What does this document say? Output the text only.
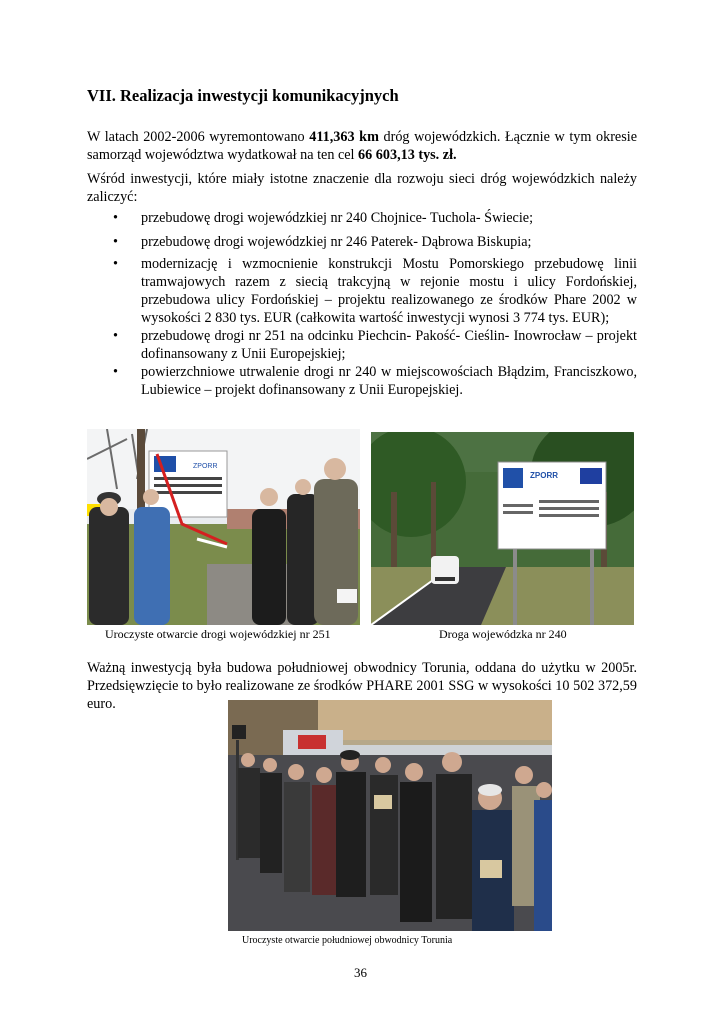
VII. Realizacja inwestycji komunikacyjnych
W latach 2002-2006 wyremontowano 411,363 km dróg wojewódzkich. Łącznie w tym okresie samorząd województwa wydatkował na ten cel 66 603,13 tys. zł.
Wśród inwestycji, które miały istotne znaczenie dla rozwoju sieci dróg wojewódzkich należy zaliczyć:
• przebudowę drogi wojewódzkiej nr 240 Chojnice- Tuchola- Świecie;
• przebudowę drogi wojewódzkiej nr 246 Paterek- Dąbrowa Biskupia;
• modernizację i wzmocnienie konstrukcji Mostu Pomorskiego przebudowę linii tramwajowych razem z siecią trakcyjną w rejonie mostu i ulicy Fordońskiej, przebudowa ulicy Fordońskiej – projektu realizowanego ze środków Phare 2002 w wysokości 2 830 tys. EUR (całkowita wartość inwestycji wynosi 3 774 tys. EUR);
• przebudowę drogi nr 251 na odcinku Piechcin- Pakość- Cieślin- Inowrocław – projekt dofinansowany z Unii Europejskiej;
• powierzchniowe utrwalenie drogi nr 240 w miejscowościach Błądzim, Franciszkowo, Lubiewice – projekt dofinansowany z Unii Europejskiej.
ZPORR
ZPORR
Uroczyste otwarcie drogi wojewódzkiej nr 251	Droga wojewódzka nr 240
Ważną inwestycją była budowa południowej obwodnicy Torunia, oddana do użytku w 2005r. Przedsięwzięcie to było realizowane ze środków PHARE 2001 SSG w wysokości 10 502 372,59 euro.
Uroczyste otwarcie południowej obwodnicy Torunia
36
